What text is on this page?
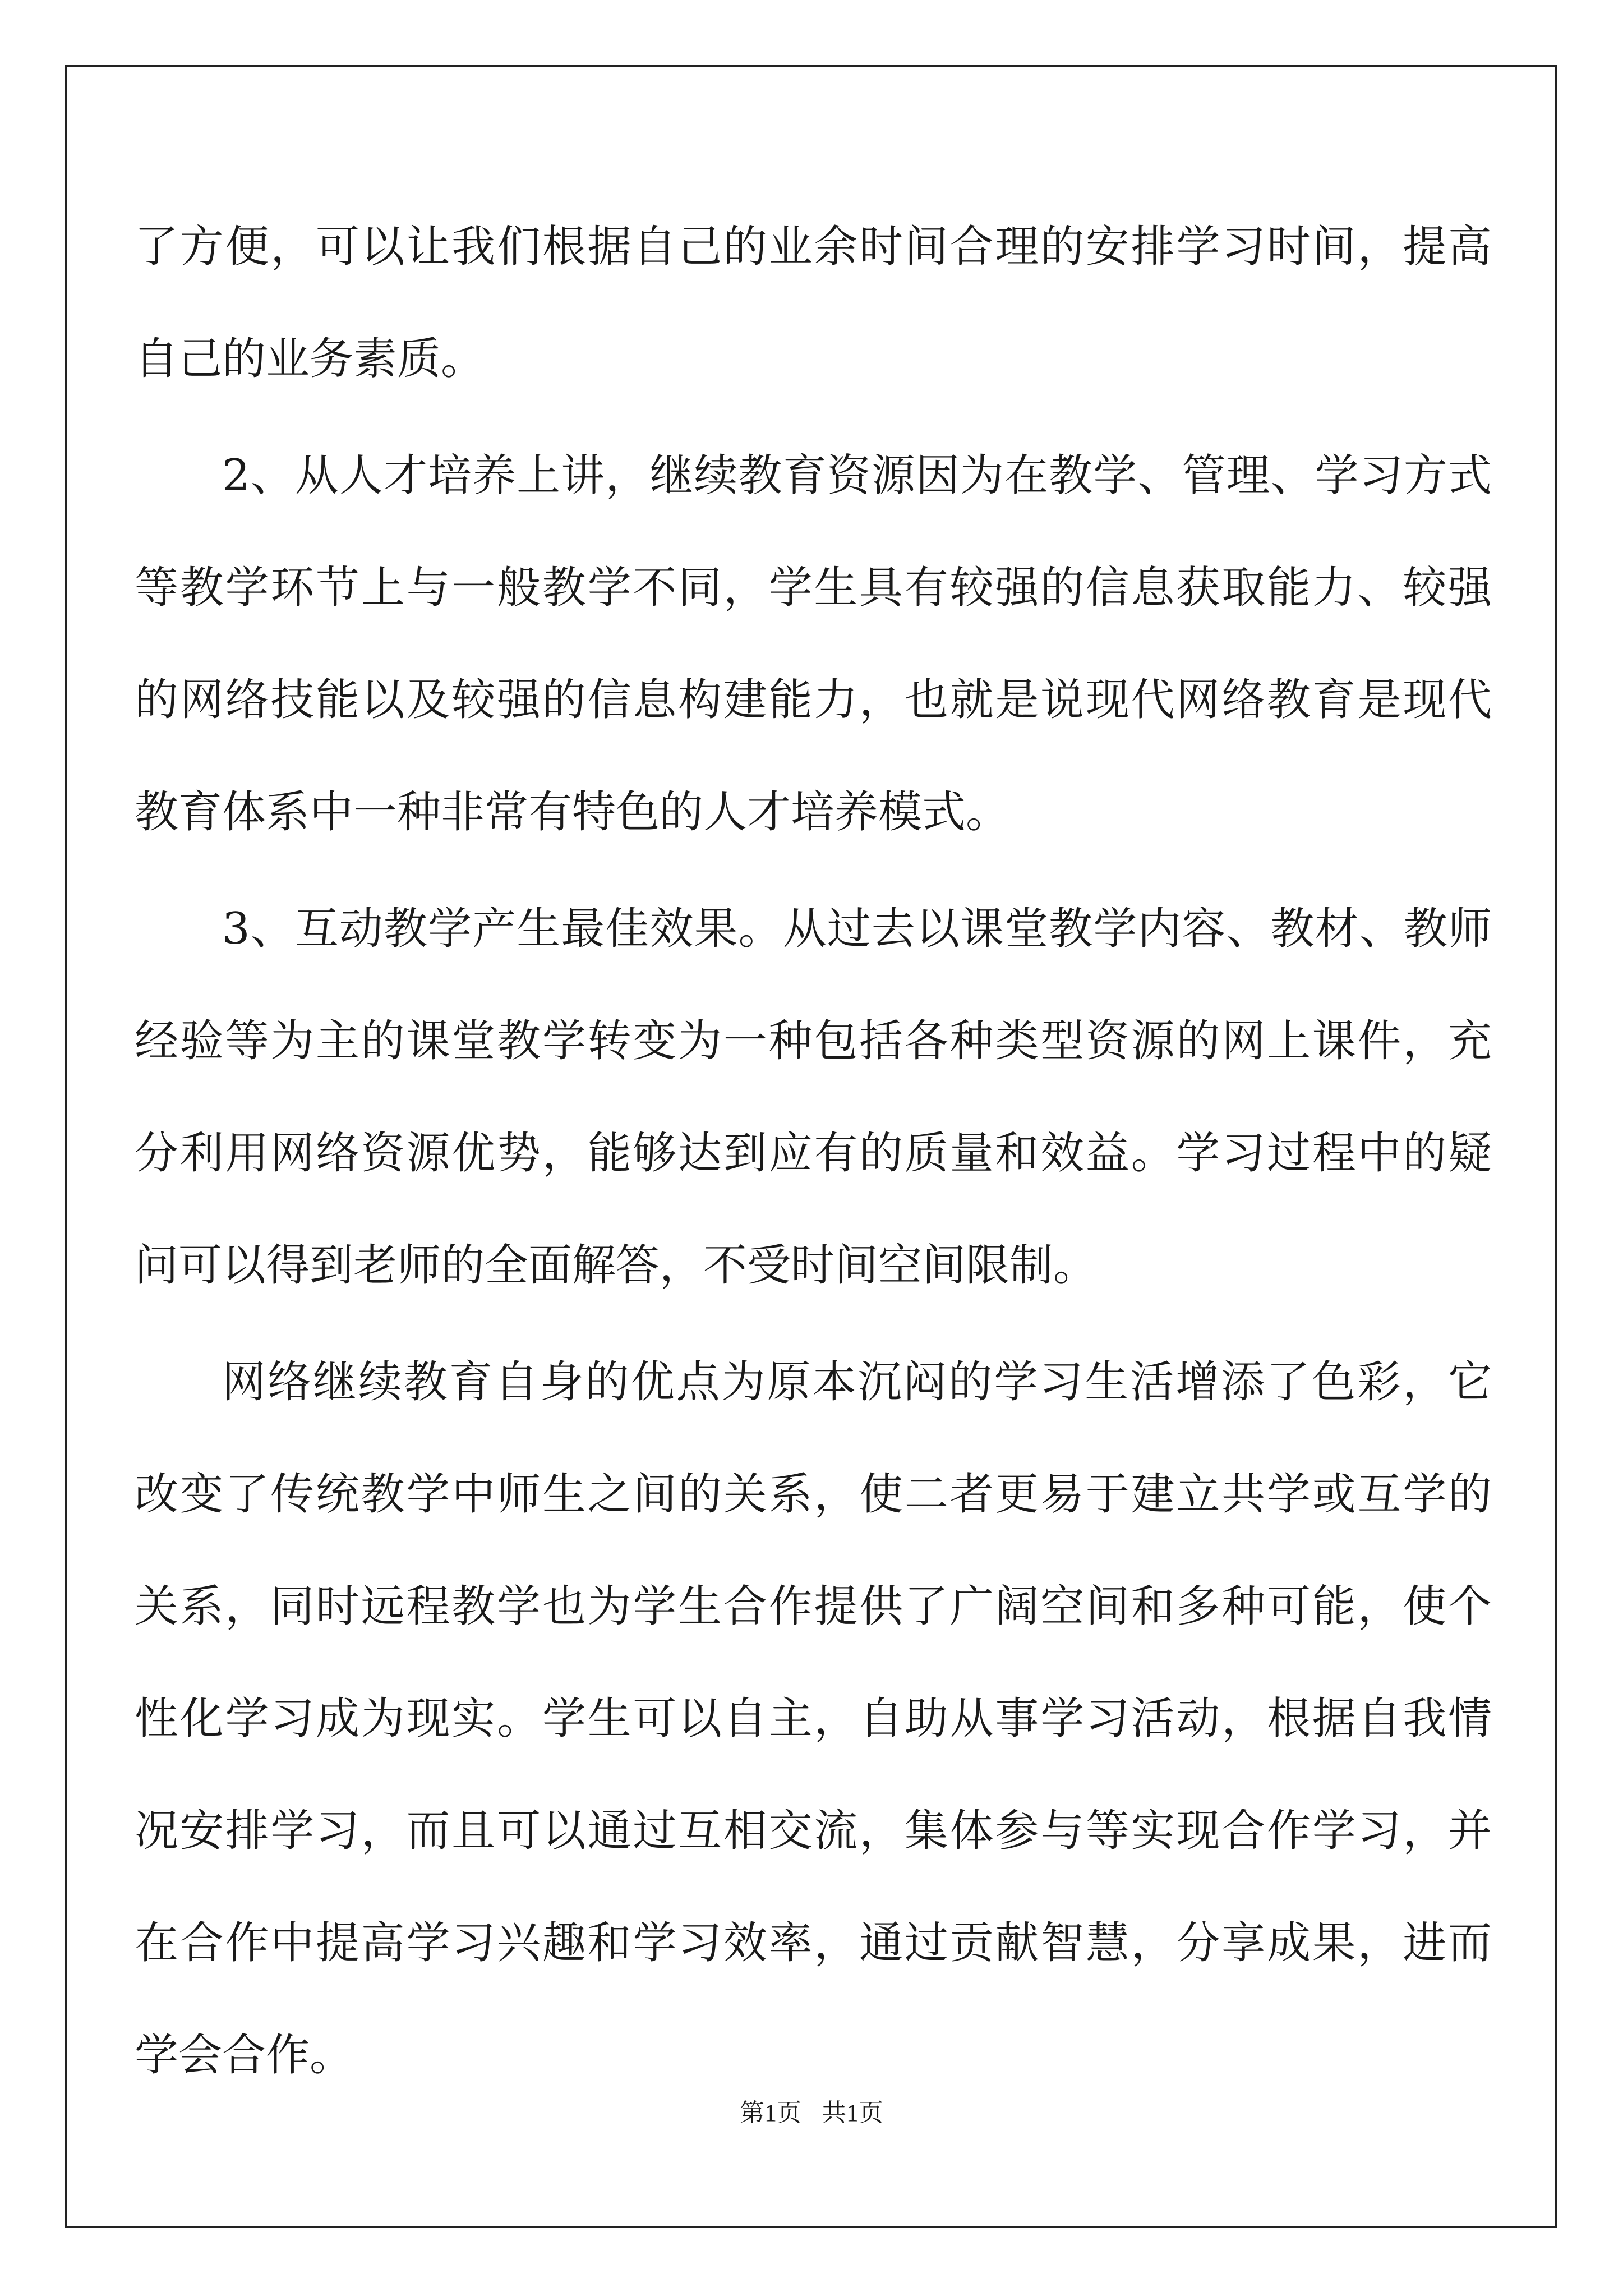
了方便，可以让我们根据自己的业余时间合理的安排学习时间，提高
自己的业务素质。
2、从人才培养上讲，继续教育资源因为在教学、管理、学习方式
等教学环节上与一般教学不同，学生具有较强的信息获取能力、较强
的网络技能以及较强的信息构建能力，也就是说现代网络教育是现代
教育体系中一种非常有特色的人才培养模式。
3、互动教学产生最佳效果。从过去以课堂教学内容、教材、教师
经验等为主的课堂教学转变为一种包括各种类型资源的网上课件，充
分利用网络资源优势，能够达到应有的质量和效益。学习过程中的疑
问可以得到老师的全面解答，不受时间空间限制。
网络继续教育自身的优点为原本沉闷的学习生活增添了色彩，它
改变了传统教学中师生之间的关系，使二者更易于建立共学或互学的
关系，同时远程教学也为学生合作提供了广阔空间和多种可能，使个
性化学习成为现实。学生可以自主，自助从事学习活动，根据自我情
况安排学习，而且可以通过互相交流，集体参与等实现合作学习，并
在合作中提高学习兴趣和学习效率，通过贡献智慧，分享成果，进而
学会合作。
第1页 共1页
